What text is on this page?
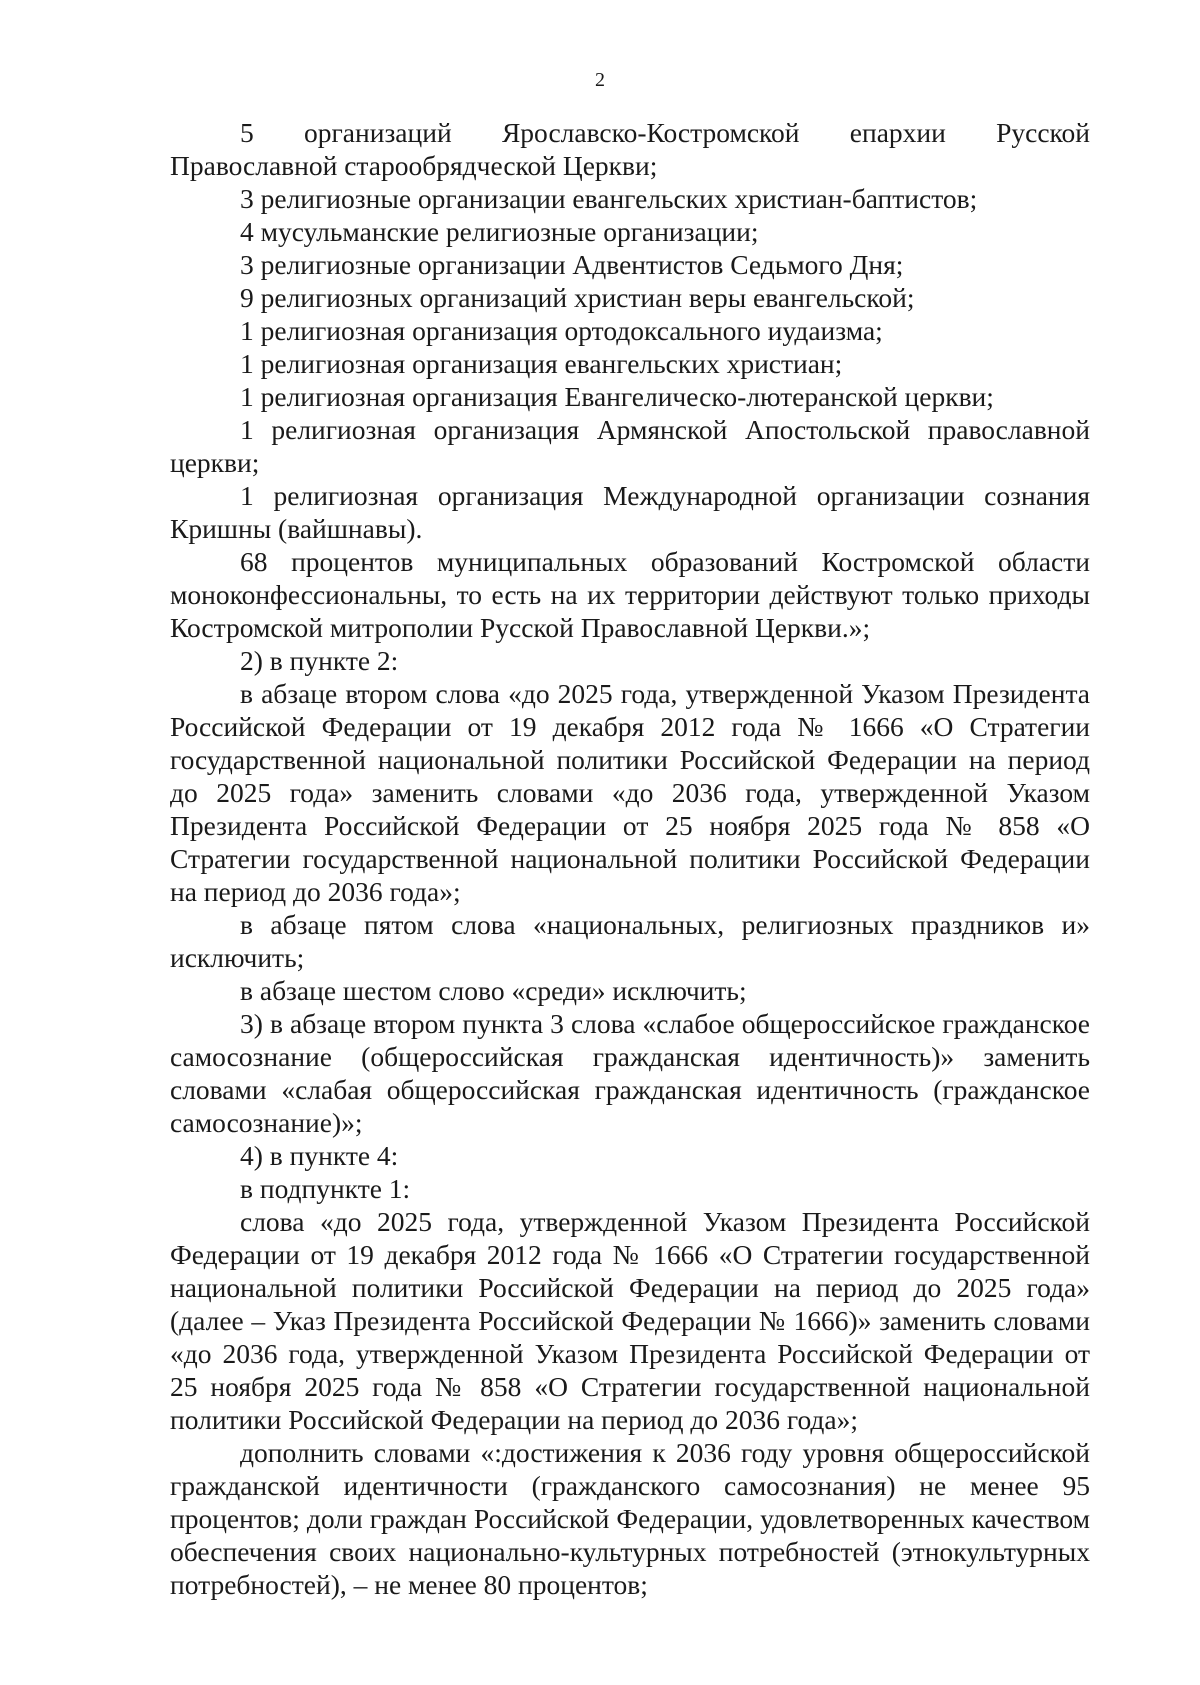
2

5 организаций Ярославско-Костромской епархии Русской Православной старообрядческой Церкви;

3 религиозные организации евангельских христиан-баптистов;

4 мусульманские религиозные организации;

3 религиозные организации Адвентистов Седьмого Дня;

9 религиозных организаций христиан веры евангельской;

1 религиозная организация ортодоксального иудаизма;

1 религиозная организация евангельских христиан;

1 религиозная организация Евангелическо-лютеранской церкви;

1 религиозная организация Армянской Апостольской православной церкви;

1 религиозная организация Международной организации сознания Кришны (вайшнавы).

68 процентов муниципальных образований Костромской области моноконфессиональны, то есть на их территории действуют только приходы Костромской митрополии Русской Православной Церкви.»;

2) в пункте 2:

в абзаце втором слова «до 2025 года, утвержденной Указом Президента Российской Федерации от 19 декабря 2012 года № 1666 «О Стратегии государственной национальной политики Российской Федерации на период до 2025 года» заменить словами «до 2036 года, утвержденной Указом Президента Российской Федерации от 25 ноября 2025 года № 858 «О Стратегии государственной национальной политики Российской Федерации на период до 2036 года»;

в абзаце пятом слова «национальных, религиозных праздников и» исключить;

в абзаце шестом слово «среди» исключить;

3) в абзаце втором пункта 3 слова «слабое общероссийское гражданское самосознание (общероссийская гражданская идентичность)» заменить словами «слабая общероссийская гражданская идентичность (гражданское самосознание)»;

4) в пункте 4:

в подпункте 1:

слова «до 2025 года, утвержденной Указом Президента Российской Федерации от 19 декабря 2012 года № 1666 «О Стратегии государственной национальной политики Российской Федерации на период до 2025 года» (далее – Указ Президента Российской Федерации № 1666)» заменить словами «до 2036 года, утвержденной Указом Президента Российской Федерации от 25 ноября 2025 года № 858 «О Стратегии государственной национальной политики Российской Федерации на период до 2036 года»;

дополнить словами «:достижения к 2036 году уровня общероссийской гражданской идентичности (гражданского самосознания) не менее 95 процентов; доли граждан Российской Федерации, удовлетворенных качеством обеспечения своих национально-культурных потребностей (этнокультурных потребностей), – не менее 80 процентов;
